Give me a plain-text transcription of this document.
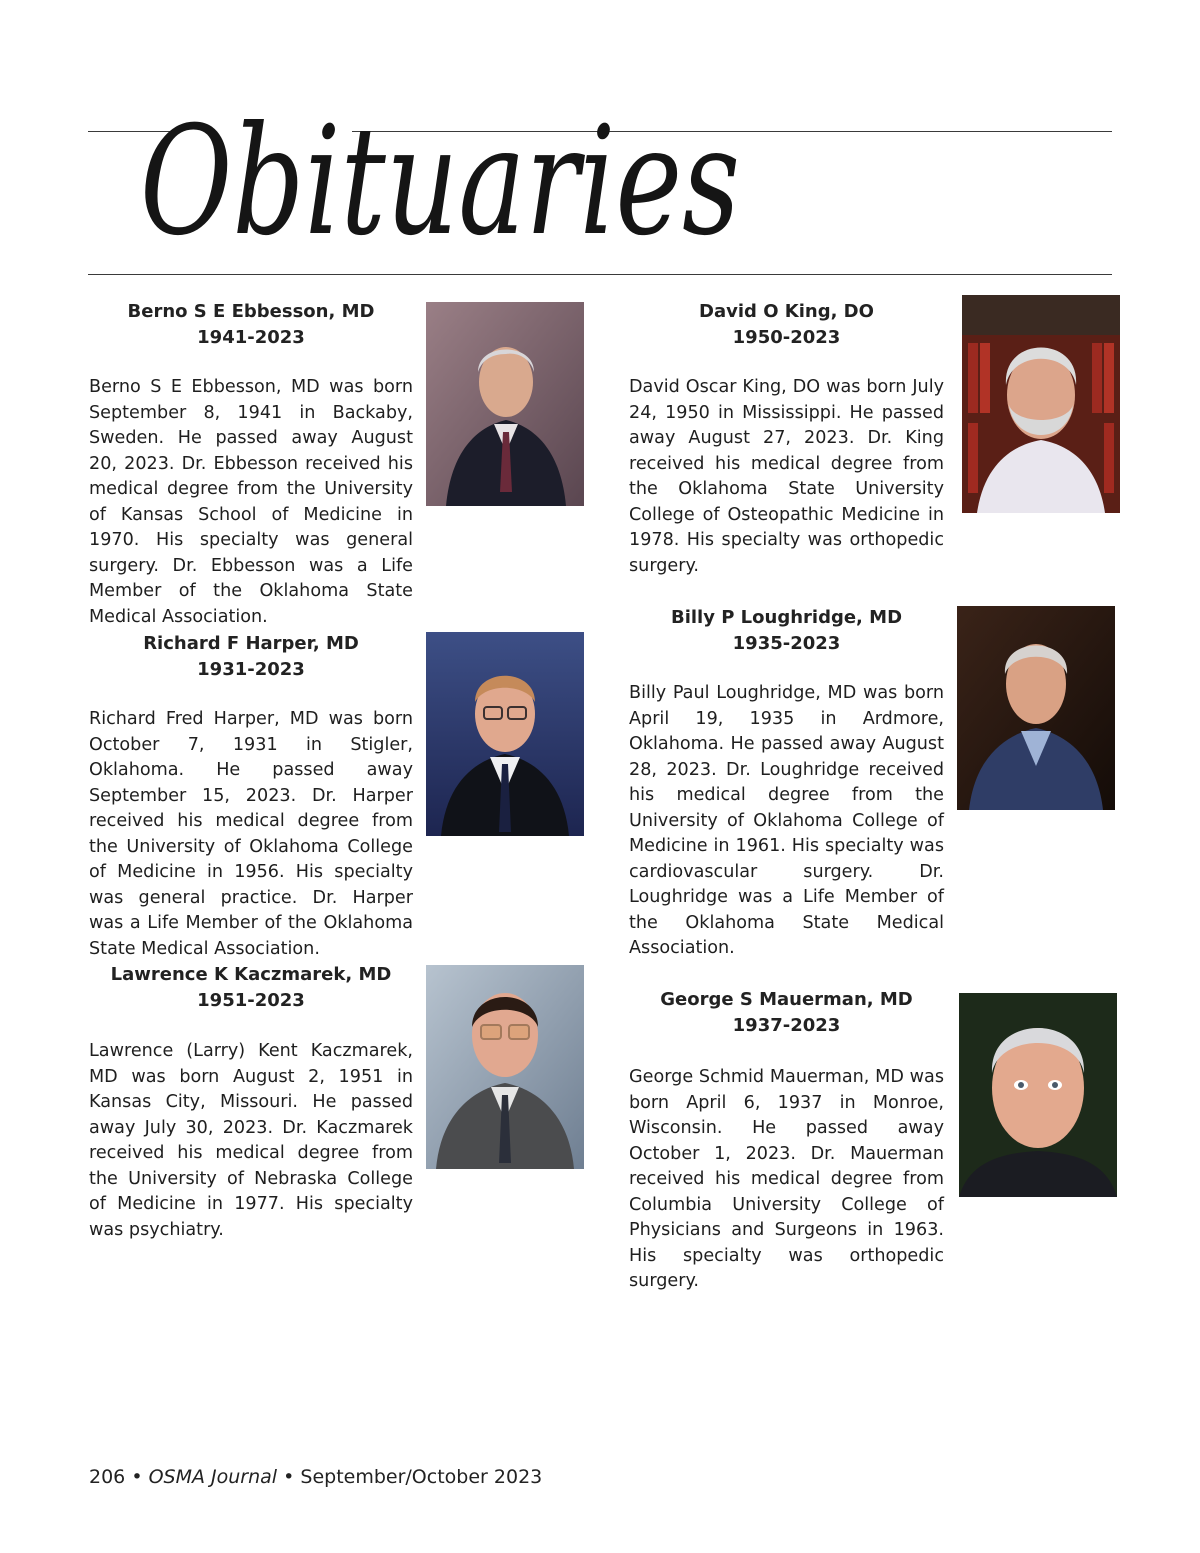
Obituaries
Berno S E Ebbesson, MD
1941-2023

Berno S E Ebbesson, MD was born September 8, 1941 in Backaby, Sweden. He passed away August 20, 2023. Dr. Ebbesson received his medical degree from the University of Kansas School of Medicine in 1970. His specialty was general surgery. Dr. Ebbesson was a Life Member of the Oklahoma State Medical Association.

Richard F Harper, MD
1931-2023

Richard Fred Harper, MD was born October 7, 1931 in Stigler, Oklahoma. He passed away September 15, 2023. Dr. Harper received his medical degree from the University of Oklahoma College of Medicine in 1956. His specialty was general practice. Dr. Harper was a Life Member of the Oklahoma State Medical Association.

Lawrence K Kaczmarek, MD
1951-2023

Lawrence (Larry) Kent Kaczmarek, MD was born August 2, 1951 in Kansas City, Missouri. He passed away July 30, 2023. Dr. Kaczmarek received his medical degree from the University of Nebraska College of Medicine in 1977. His specialty was psychiatry.

David O King, DO
1950-2023

David Oscar King, DO was born July 24, 1950 in Mississippi. He passed away August 27, 2023. Dr. King received his medical degree from the Oklahoma State University College of Osteopathic Medicine in 1978. His specialty was orthopedic surgery.

Billy P Loughridge, MD
1935-2023

Billy Paul Loughridge, MD was born April 19, 1935 in Ardmore, Oklahoma. He passed away August 28, 2023. Dr. Loughridge received his medical degree from the University of Oklahoma College of Medicine in 1961. His specialty was cardiovascular surgery. Dr. Loughridge was a Life Member of the Oklahoma State Medical Association.

George S Mauerman, MD
1937-2023

George Schmid Mauerman, MD was born April 6, 1937 in Monroe, Wisconsin. He passed away October 1, 2023. Dr. Mauerman received his medical degree from Columbia University College of Physicians and Surgeons in 1963. His specialty was orthopedic surgery.

206 • OSMA Journal • September/October 2023
